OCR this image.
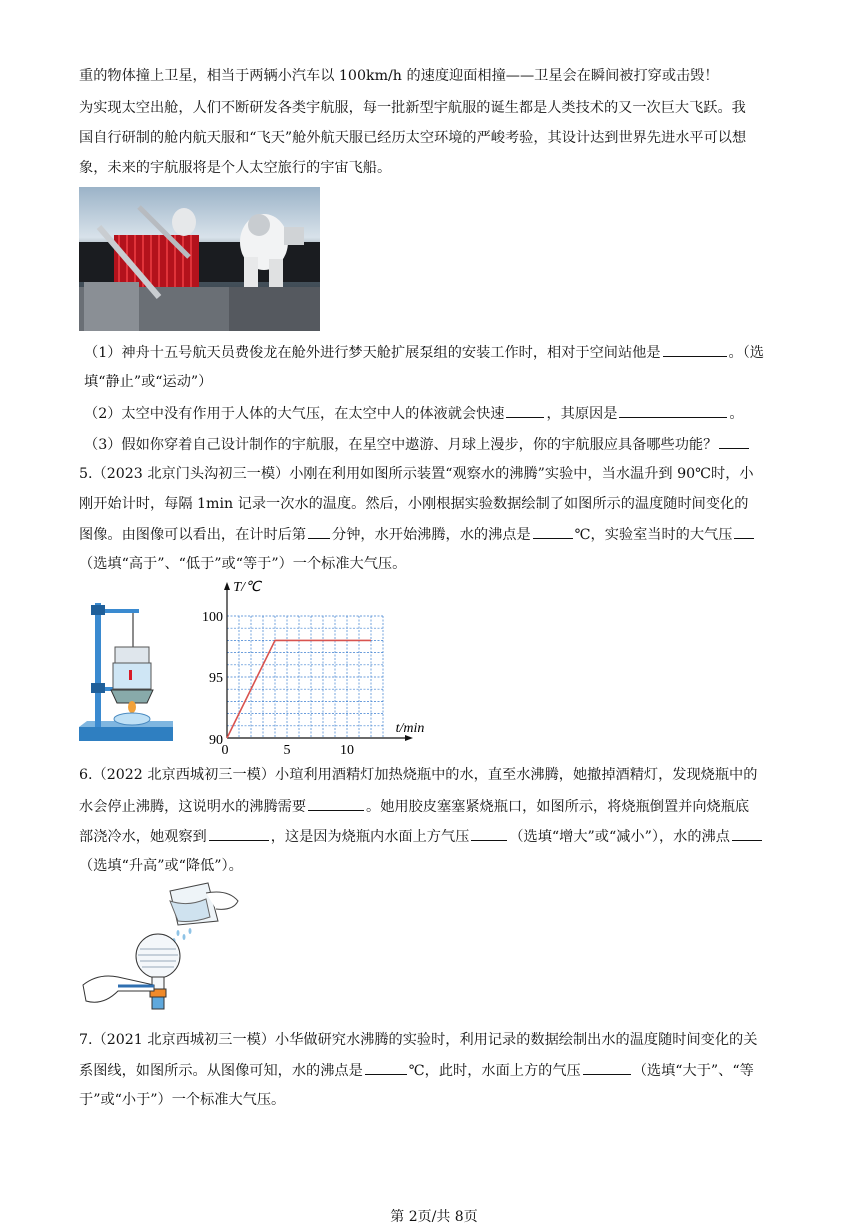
重的物体撞上卫星，相当于两辆小汽车以 100km/h 的速度迎面相撞——卫星会在瞬间被打穿或击毁！
为实现太空出舱，人们不断研发各类宇航服，每一批新型宇航服的诞生都是人类技术的又一次巨大飞跃。我
国自行研制的舱内航天服和“飞天”舱外航天服已经历太空环境的严峻考验，其设计达到世界先进水平可以想
象，未来的宇航服将是个人太空旅行的宇宙飞船。
（1）神舟十五号航天员费俊龙在舱外进行梦天舱扩展泵组的安装工作时，相对于空间站他是	。（选
填“静止”或“运动”）
（2）太空中没有作用于人体的大气压，在太空中人的体液就会快速	，其原因是	。
（3）假如你穿着自己设计制作的宇航服，在星空中遨游、月球上漫步，你的宇航服应具备哪些功能？
5.（2023 北京门头沟初三一模）小刚在利用如图所示装置“观察水的沸腾”实验中，当水温升到 90℃时，小
刚开始计时，每隔 1min 记录一次水的温度。然后，小刚根据实验数据绘制了如图所示的温度随时间变化的
图像。由图像可以看出，在计时后第 分钟，水开始沸腾，水的沸点是	℃，实验室当时的大气压
（选填“高于”、“低于”或“等于”）一个标准大气压。
0	5	10
90
95
100
t/min
T/℃
6.（2022 北京西城初三一模）小瑄利用酒精灯加热烧瓶中的水，直至水沸腾，她撤掉酒精灯，发现烧瓶中的
水会停止沸腾，这说明水的沸腾需要	。她用胶皮塞塞紧烧瓶口，如图所示，将烧瓶倒置并向烧瓶底
部浇冷水，她观察到	，这是因为烧瓶内水面上方气压	（选填“增大”或“减小”），水的沸点
（选填“升高”或“降低”）。
7.（2021 北京西城初三一模）小华做研究水沸腾的实验时，利用记录的数据绘制出水的温度随时间变化的关
系图线，如图所示。从图像可知，水的沸点是	℃，此时，水面上方的气压	（选填“大于”、“等
于”或“小于”）一个标准大气压。
第 2页/共 8页
